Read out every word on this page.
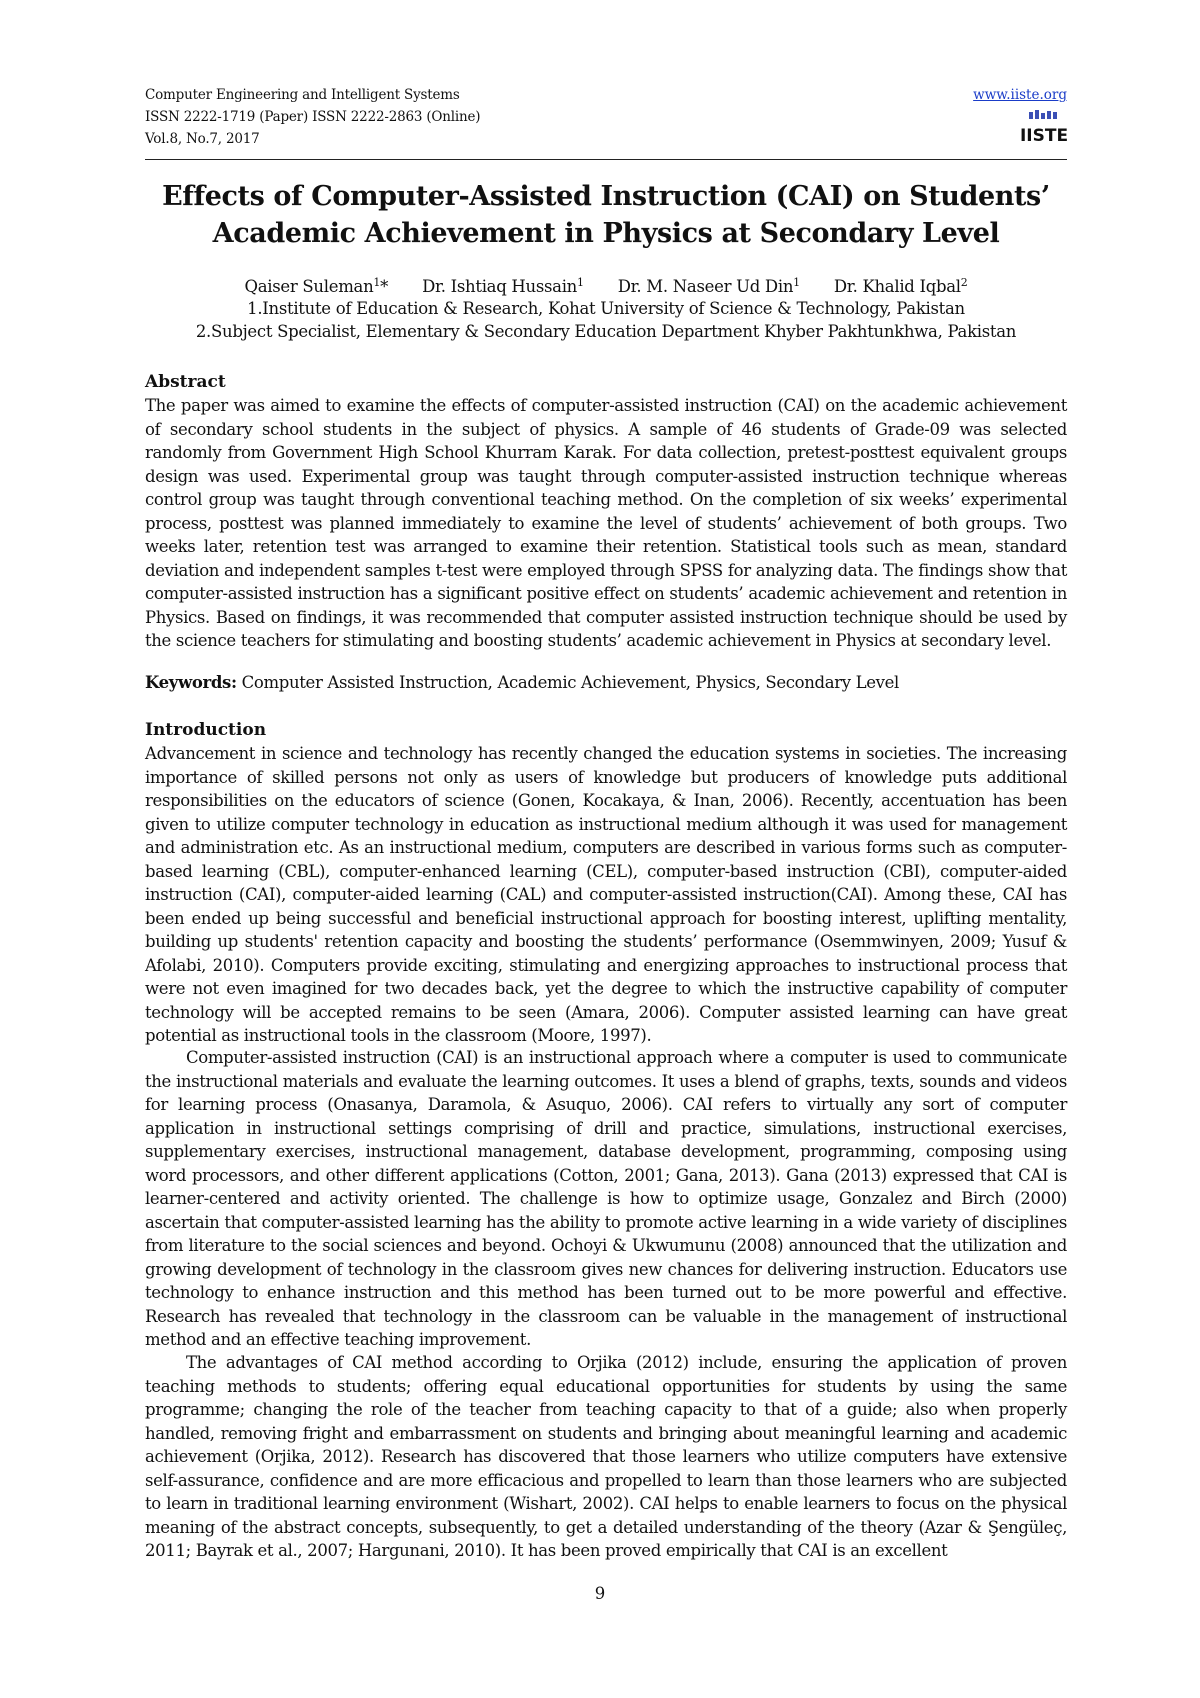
Computer Engineering and Intelligent Systems
ISSN 2222-1719 (Paper) ISSN 2222-2863 (Online)
Vol.8, No.7, 2017
www.iiste.org
IISTE
Effects of Computer-Assisted Instruction (CAI) on Students’
Academic Achievement in Physics at Secondary Level
Qaiser Suleman$^1$* Dr. Ishtiaq Hussain$^1$ Dr. M. Naseer Ud Din$^1$ Dr. Khalid Iqbal$^2$
1.Institute of Education & Research, Kohat University of Science & Technology, Pakistan
2.Subject Specialist, Elementary & Secondary Education Department Khyber Pakhtunkhwa, Pakistan
Abstract

The paper was aimed to examine the effects of computer-assisted instruction (CAI) on the academic achievement of secondary school students in the subject of physics. A sample of 46 students of Grade-09 was selected randomly from Government High School Khurram Karak. For data collection, pretest-posttest equivalent groups design was used. Experimental group was taught through computer-assisted instruction technique whereas control group was taught through conventional teaching method. On the completion of six weeks’ experimental process, posttest was planned immediately to examine the level of students’ achievement of both groups. Two weeks later, retention test was arranged to examine their retention. Statistical tools such as mean, standard deviation and independent samples t-test were employed through SPSS for analyzing data. The findings show that computer-assisted instruction has a significant positive effect on students’ academic achievement and retention in Physics. Based on findings, it was recommended that computer assisted instruction technique should be used by the science teachers for stimulating and boosting students’ academic achievement in Physics at secondary level.

Keywords: Computer Assisted Instruction, Academic Achievement, Physics, Secondary Level
Introduction

Advancement in science and technology has recently changed the education systems in societies. The increasing importance of skilled persons not only as users of knowledge but producers of knowledge puts additional responsibilities on the educators of science (Gonen, Kocakaya, & Inan, 2006). Recently, accentuation has been given to utilize computer technology in education as instructional medium although it was used for management and administration etc. As an instructional medium, computers are described in various forms such as computer-based learning (CBL), computer-enhanced learning (CEL), computer-based instruction (CBI), computer-aided instruction (CAI), computer-aided learning (CAL) and computer-assisted instruction(CAI). Among these, CAI has been ended up being successful and beneficial instructional approach for boosting interest, uplifting mentality, building up students' retention capacity and boosting the students’ performance (Osemmwinyen, 2009; Yusuf & Afolabi, 2010). Computers provide exciting, stimulating and energizing approaches to instructional process that were not even imagined for two decades back, yet the degree to which the instructive capability of computer technology will be accepted remains to be seen (Amara, 2006). Computer assisted learning can have great potential as instructional tools in the classroom (Moore, 1997).

Computer-assisted instruction (CAI) is an instructional approach where a computer is used to communicate the instructional materials and evaluate the learning outcomes. It uses a blend of graphs, texts, sounds and videos for learning process (Onasanya, Daramola, & Asuquo, 2006). CAI refers to virtually any sort of computer application in instructional settings comprising of drill and practice, simulations, instructional exercises, supplementary exercises, instructional management, database development, programming, composing using word processors, and other different applications (Cotton, 2001; Gana, 2013). Gana (2013) expressed that CAI is learner-centered and activity oriented. The challenge is how to optimize usage, Gonzalez and Birch (2000) ascertain that computer-assisted learning has the ability to promote active learning in a wide variety of disciplines from literature to the social sciences and beyond. Ochoyi & Ukwumunu (2008) announced that the utilization and growing development of technology in the classroom gives new chances for delivering instruction. Educators use technology to enhance instruction and this method has been turned out to be more powerful and effective. Research has revealed that technology in the classroom can be valuable in the management of instructional method and an effective teaching improvement.

The advantages of CAI method according to Orjika (2012) include, ensuring the application of proven teaching methods to students; offering equal educational opportunities for students by using the same programme; changing the role of the teacher from teaching capacity to that of a guide; also when properly handled, removing fright and embarrassment on students and bringing about meaningful learning and academic achievement (Orjika, 2012). Research has discovered that those learners who utilize computers have extensive self-assurance, confidence and are more efficacious and propelled to learn than those learners who are subjected to learn in traditional learning environment (Wishart, 2002). CAI helps to enable learners to focus on the physical meaning of the abstract concepts, subsequently, to get a detailed understanding of the theory (Azar & Şengüleç, 2011; Bayrak et al., 2007; Hargunani, 2010). It has been proved empirically that CAI is an excellent

9
